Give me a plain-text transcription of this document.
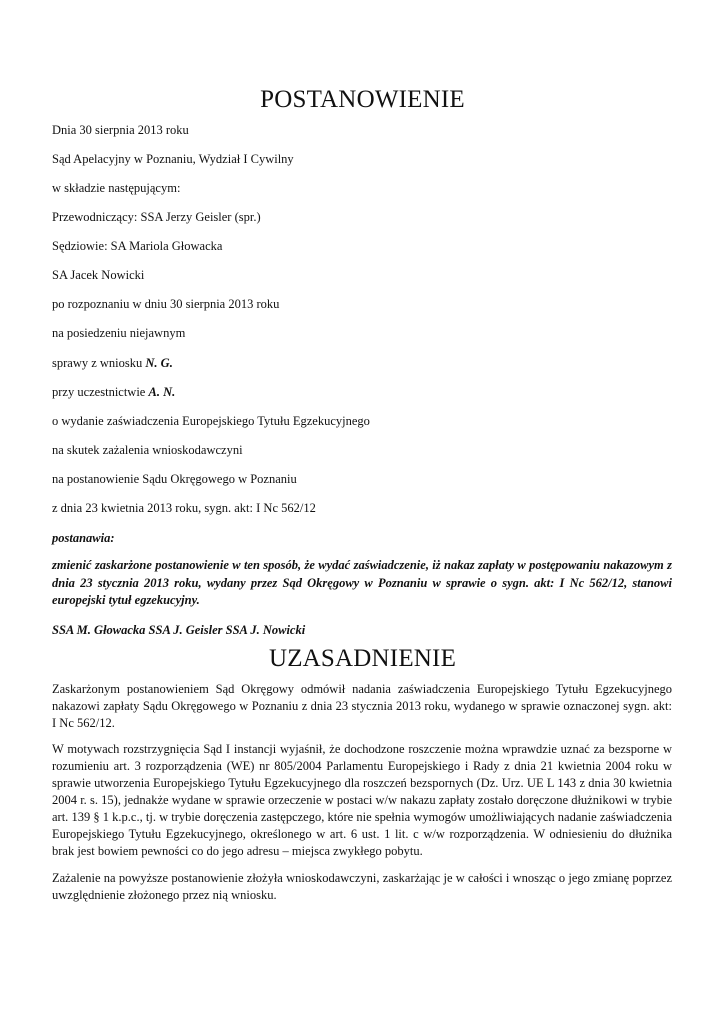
POSTANOWIENIE

Dnia 30 sierpnia 2013 roku

Sąd Apelacyjny w Poznaniu, Wydział I Cywilny

w składzie następującym:

Przewodniczący: SSA Jerzy Geisler (spr.)

Sędziowie: SA Mariola Głowacka

SA Jacek Nowicki

po rozpoznaniu w dniu 30 sierpnia 2013 roku

na posiedzeniu niejawnym

sprawy z wniosku N. G.

przy uczestnictwie A. N.

o wydanie zaświadczenia Europejskiego Tytułu Egzekucyjnego

na skutek zażalenia wnioskodawczyni

na postanowienie Sądu Okręgowego w Poznaniu

z dnia 23 kwietnia 2013 roku, sygn. akt: I Nc 562/12

postanawia:

zmienić zaskarżone postanowienie w ten sposób, że wydać zaświadczenie, iż nakaz zapłaty w postępowaniu nakazowym z dnia 23 stycznia 2013 roku, wydany przez Sąd Okręgowy w Poznaniu w sprawie o sygn. akt: I Nc 562/12, stanowi europejski tytuł egzekucyjny.

SSA M. Głowacka SSA J. Geisler SSA J. Nowicki

UZASADNIENIE

Zaskarżonym postanowieniem Sąd Okręgowy odmówił nadania zaświadczenia Europejskiego Tytułu Egzekucyjnego nakazowi zapłaty Sądu Okręgowego w Poznaniu z dnia 23 stycznia 2013 roku, wydanego w sprawie oznaczonej sygn. akt: I Nc 562/12.

W motywach rozstrzygnięcia Sąd I instancji wyjaśnił, że dochodzone roszczenie można wprawdzie uznać za bezsporne w rozumieniu art. 3 rozporządzenia (WE) nr 805/2004 Parlamentu Europejskiego i Rady z dnia 21 kwietnia 2004 roku w sprawie utworzenia Europejskiego Tytułu Egzekucyjnego dla roszczeń bezspornych (Dz. Urz. UE L 143 z dnia 30 kwietnia 2004 r. s. 15), jednakże wydane w sprawie orzeczenie w postaci w/w nakazu zapłaty zostało doręczone dłużnikowi w trybie art. 139 § 1 k.p.c., tj. w trybie doręczenia zastępczego, które nie spełnia wymogów umożliwiających nadanie zaświadczenia Europejskiego Tytułu Egzekucyjnego, określonego w art. 6 ust. 1 lit. c w/w rozporządzenia. W odniesieniu do dłużnika brak jest bowiem pewności co do jego adresu – miejsca zwykłego pobytu.

Zażalenie na powyższe postanowienie złożyła wnioskodawczyni, zaskarżając je w całości i wnosząc o jego zmianę poprzez uwzględnienie złożonego przez nią wniosku.
